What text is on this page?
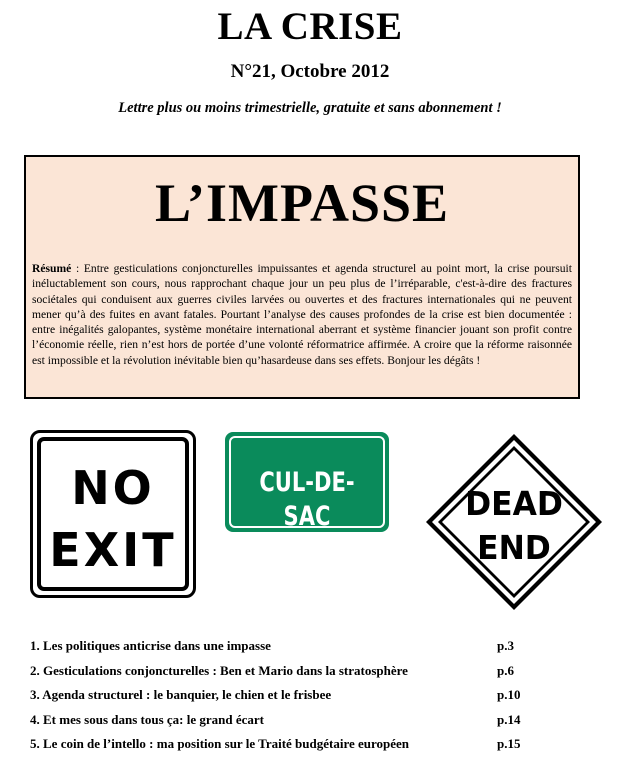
LA CRISE
N°21, Octobre 2012
Lettre plus ou moins trimestrielle, gratuite et sans abonnement !
L’IMPASSE
Résumé : Entre gesticulations conjoncturelles impuissantes et agenda structurel au point mort, la crise poursuit inéluctablement son cours, nous rapprochant chaque jour un peu plus de l’irréparable, c'est-à-dire des fractures sociétales qui conduisent aux guerres civiles larvées ou ouvertes et des fractures internationales qui ne peuvent mener qu’à des fuites en avant fatales. Pourtant l’analyse des causes profondes de la crise est bien documentée : entre inégalités galopantes, système monétaire international aberrant et système financier jouant son profit contre l’économie réelle, rien n’est hors de portée d’une volonté réformatrice affirmée. A croire que la réforme raisonnée est impossible et la révolution inévitable bien qu’hasardeuse dans ses effets. Bonjour les dégâts !
NO
EXIT
CUL-DE-SAC	DEAD
END
1. Les politiques anticrise dans une impasse	p.3
2. Gesticulations conjoncturelles : Ben et Mario dans la stratosphère	p.6
3. Agenda structurel : le banquier, le chien et le frisbee	p.10
4. Et mes sous dans tous ça: le grand écart	p.14
5. Le coin de l’intello : ma position sur le Traité budgétaire européen	p.15
